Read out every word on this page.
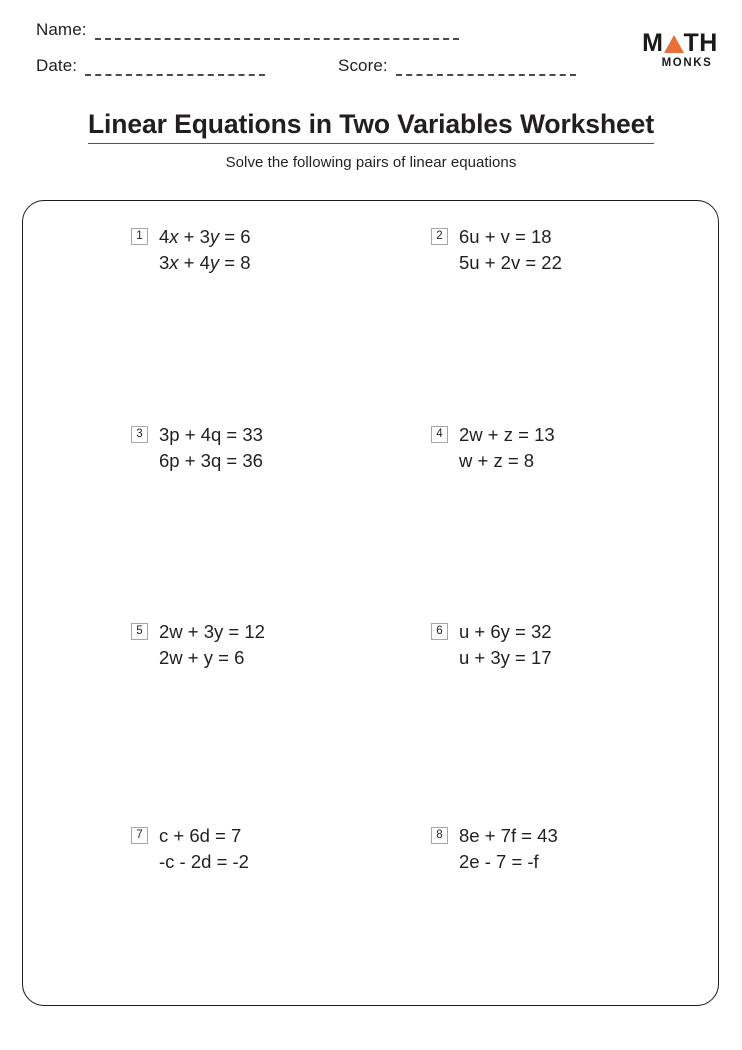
Name:
Date:	Score:
M TH
MONKS
Linear Equations in Two Variables Worksheet
Solve the following pairs of linear equations
1 4x + 3y = 6
3x + 4y = 8
2 6u + v = 18
5u + 2v = 22
3 3p + 4q = 33
6p + 3q = 36
4 2w + z = 13
w + z = 8
5 2w + 3y = 12
2w + y = 6
6 u + 6y = 32
u + 3y = 17
7 c + 6d = 7
-c - 2d = -2
8 8e + 7f = 43
2e - 7 = -f
